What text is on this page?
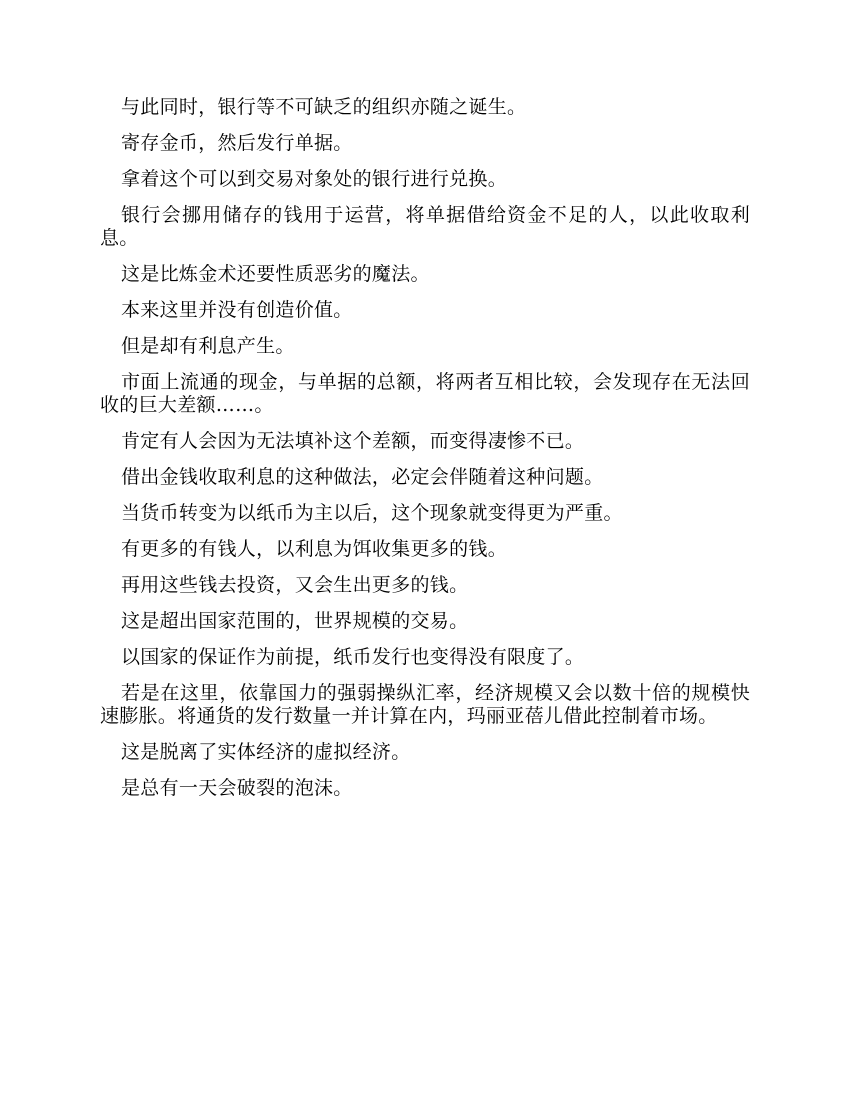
与此同时，银行等不可缺乏的组织亦随之诞生。

寄存金币，然后发行单据。

拿着这个可以到交易对象处的银行进行兑换。

银行会挪用储存的钱用于运营，将单据借给资金不足的人，以此收取利息。

这是比炼金术还要性质恶劣的魔法。

本来这里并没有创造价值。

但是却有利息产生。

市面上流通的现金，与单据的总额，将两者互相比较，会发现存在无法回收的巨大差额……。

肯定有人会因为无法填补这个差额，而变得凄惨不已。

借出金钱收取利息的这种做法，必定会伴随着这种问题。

当货币转变为以纸币为主以后，这个现象就变得更为严重。

有更多的有钱人，以利息为饵收集更多的钱。

再用这些钱去投资，又会生出更多的钱。

这是超出国家范围的，世界规模的交易。

以国家的保证作为前提，纸币发行也变得没有限度了。

若是在这里，依靠国力的强弱操纵汇率，经济规模又会以数十倍的规模快速膨胀。将通货的发行数量一并计算在内，玛丽亚蓓儿借此控制着市场。

这是脱离了实体经济的虚拟经济。

是总有一天会破裂的泡沫。
